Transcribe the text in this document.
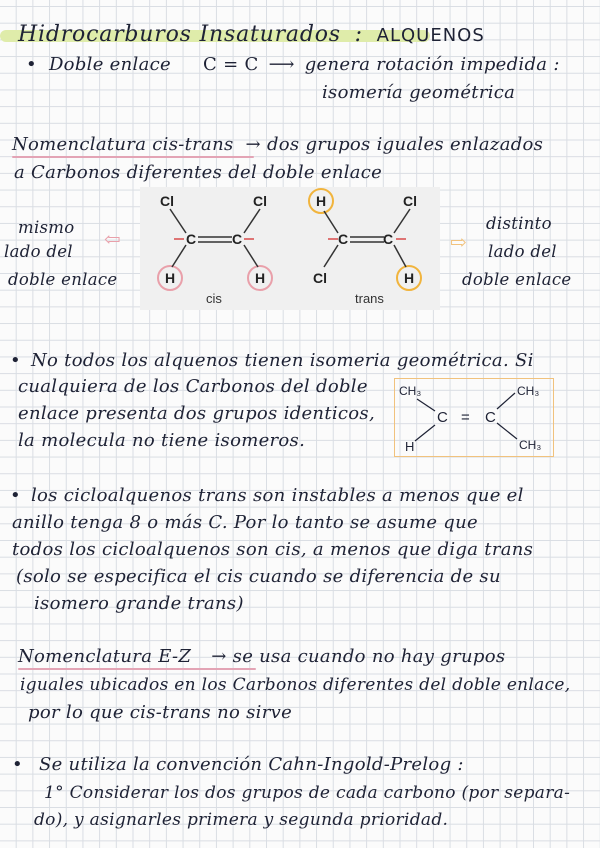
Hidrocarburos Insaturados : ALQUENOS
• Doble enlace C = C ⟶ genera rotación impedida :
isomería geométrica
Nomenclatura cis-trans → dos grupos iguales enlazados
a Carbonos diferentes del doble enlace
mismo
lado del
doble enlace
⇦	⇨
distinto
lado del
doble enlace
Cl	Cl
C	C
H	H
cis
H	Cl
C C
Cl	H
trans
• No todos los alquenos tienen isomeria geométrica. Si
cualquiera de los Carbonos del doble
enlace presenta dos grupos identicos,
la molecula no tiene isomeros.
CH₃	CH₃
CH₃
H
C = C
• los cicloalquenos trans son instables a menos que el
anillo tenga 8 o más C. Por lo tanto se asume que
todos los cicloalquenos son cis, a menos que diga trans
(solo se especifica el cis cuando se diferencia de su
isomero grande trans)
Nomenclatura E-Z → se usa cuando no hay grupos
iguales ubicados en los Carbonos diferentes del doble enlace,
por lo que cis-trans no sirve
• Se utiliza la convención Cahn-Ingold-Prelog :
1° Considerar los dos grupos de cada carbono (por separa-
do), y asignarles primera y segunda prioridad.
